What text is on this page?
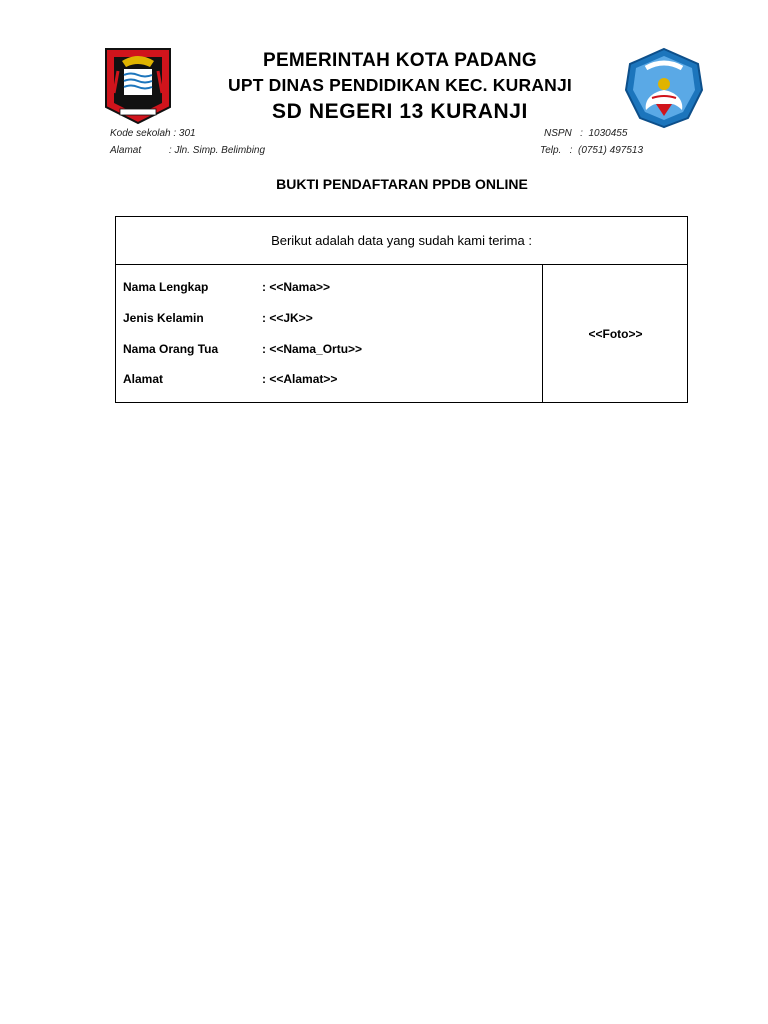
PEMERINTAH KOTA PADANG
UPT DINAS PENDIDIKAN KEC. KURANJI
SD NEGERI 13 KURANJI
Kode sekolah : 301
Alamat          : Jln. Simp. Belimbing
NSPN   :  1030455
Telp.   :  (0751) 497513
BUKTI PENDAFTARAN PPDB ONLINE
Berikut adalah data yang sudah kami terima :
Nama Lengkap	: <<Nama>>
Jenis Kelamin	: <<JK>>
Nama Orang Tua	: <<Nama_Ortu>>
Alamat	: <<Alamat>>
<<Foto>>
